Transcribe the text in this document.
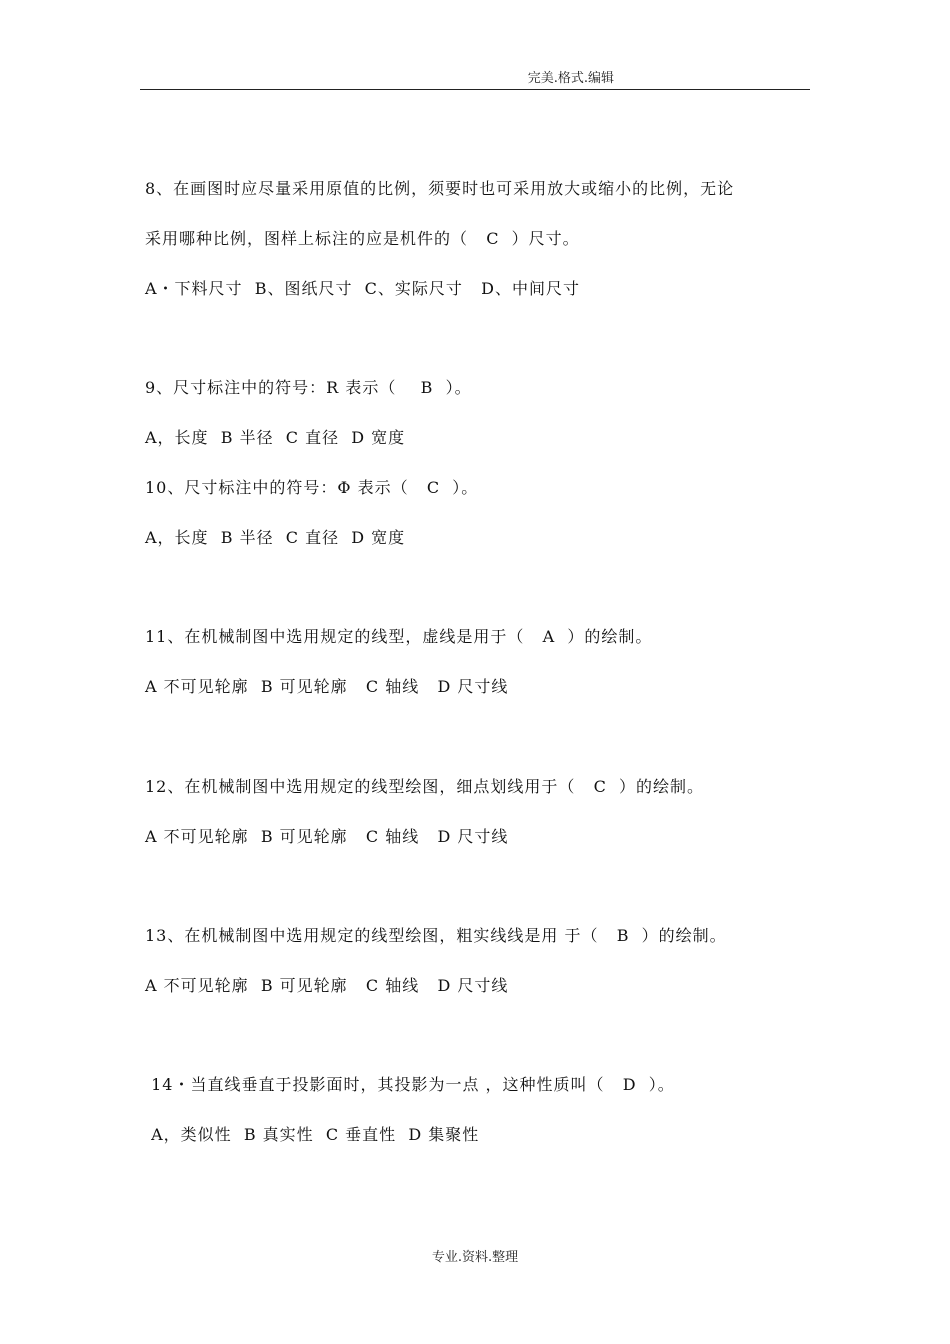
完美.格式.编辑
8、在画图时应尽量采用原值的比例，须要时也可采用放大或缩小的比例，无论
采用哪种比例，图样上标注的应是机件的（   C  ）尺寸。
A・下料尺寸  B、图纸尺寸  C、实际尺寸   D、中间尺寸
9、尺寸标注中的符号：R 表示（    B  ）。
A，长度  B 半径  C 直径  D 宽度
10、尺寸标注中的符号：Φ 表示（   C  ）。
A，长度  B 半径  C 直径  D 宽度
11、在机械制图中选用规定的线型，虚线是用于（   A  ）的绘制。
A 不可见轮廓  B 可见轮廓   C 轴线   D 尺寸线
12、在机械制图中选用规定的线型绘图，细点划线用于（   C  ）的绘制。
A 不可见轮廓  B 可见轮廓   C 轴线   D 尺寸线
13、在机械制图中选用规定的线型绘图，粗实线线是用 于（   B  ）的绘制。
A 不可见轮廓  B 可见轮廓   C 轴线   D 尺寸线
14・当直线垂直于投影面时，其投影为一点 ，这种性质叫（   D  ）。
A，类似性  B 真实性  C 垂直性  D 集聚性
专业.资料.整理
